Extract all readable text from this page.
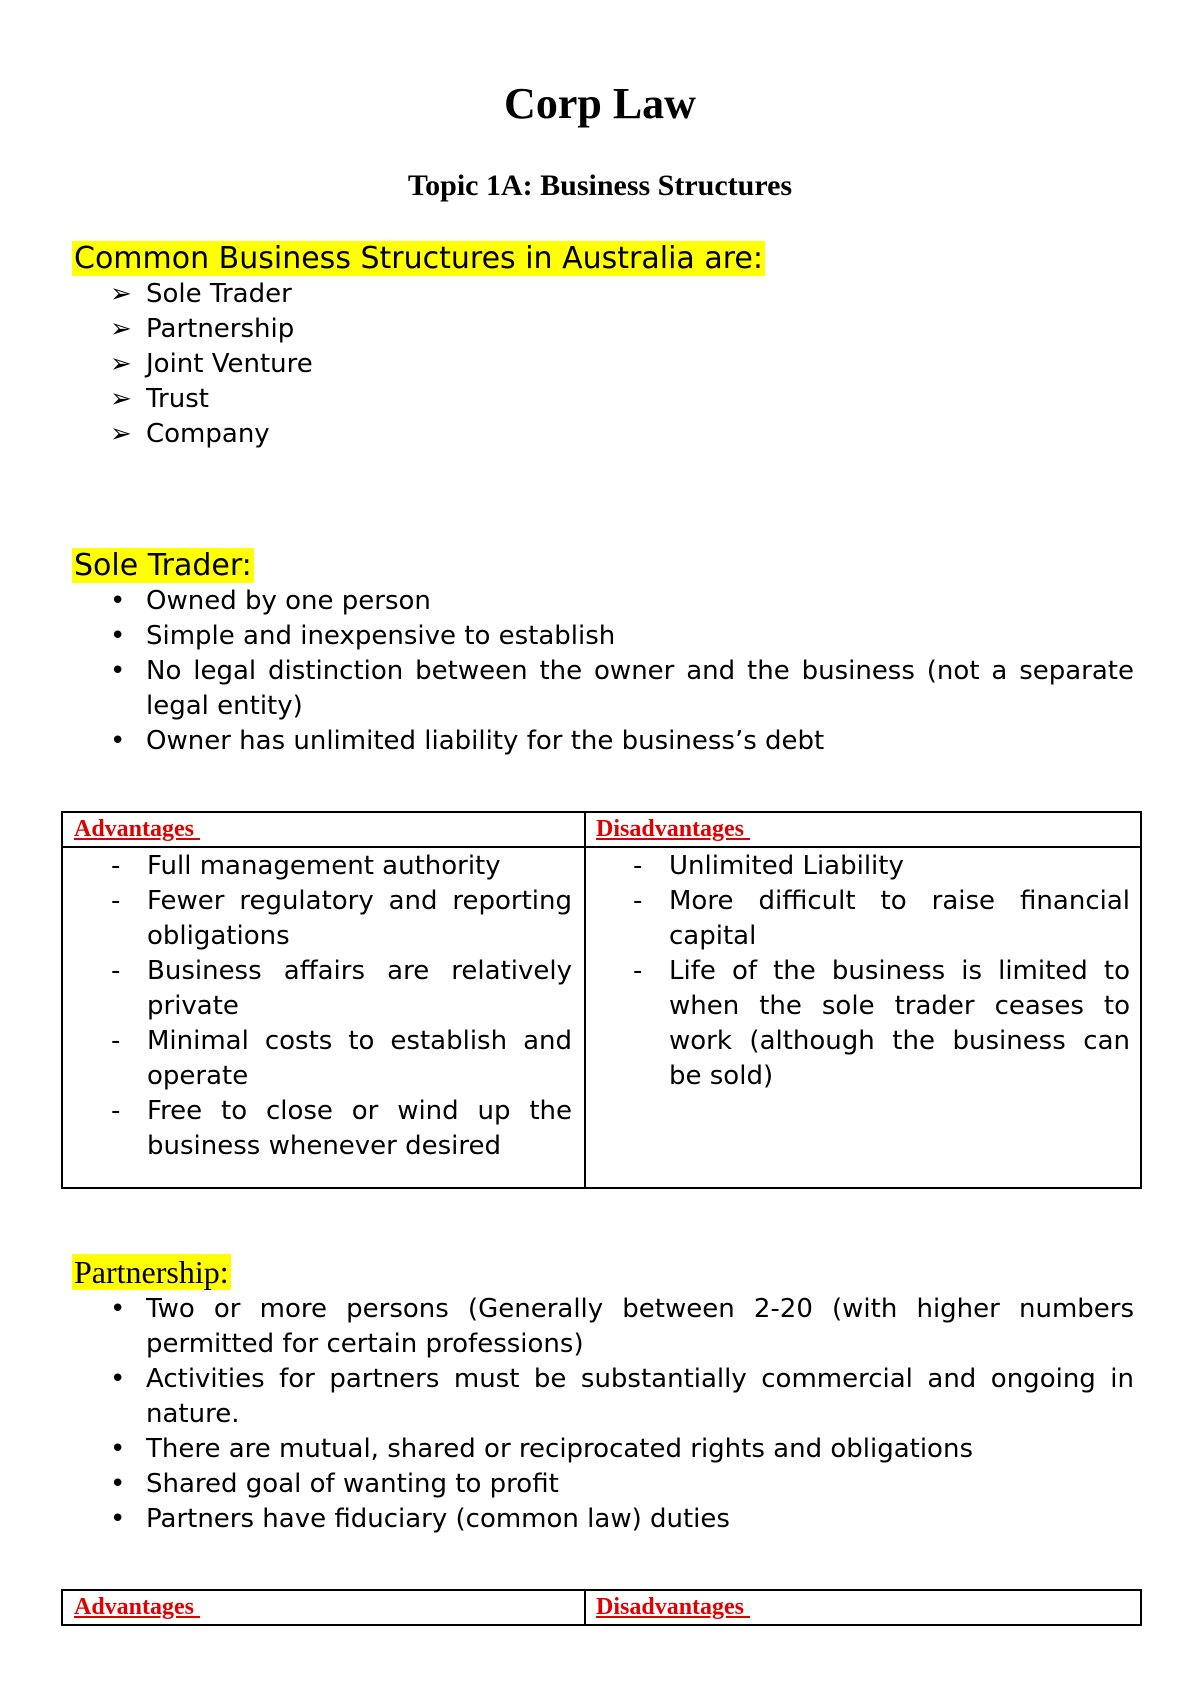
Corp Law
Topic 1A: Business Structures
Common Business Structures in Australia are:
➢ Sole Trader
➢ Partnership
➢ Joint Venture
➢ Trust
➢ Company
Sole Trader:
• Owned by one person
• Simple and inexpensive to establish
• No legal distinction between the owner and the business (not a separate legal entity)
• Owner has unlimited liability for the business’s debt
Advantages	Disadvantages
- Full management authority
- Fewer regulatory and reporting obligations
- Business affairs are relatively private
- Minimal costs to establish and operate
- Free to close or wind up the business whenever desired
- Unlimited Liability
- More difficult to raise financial capital
- Life of the business is limited to when the sole trader ceases to work (although the business can be sold)
Partnership:
• Two or more persons (Generally between 2-20 (with higher numbers permitted for certain professions)
• Activities for partners must be substantially commercial and ongoing in nature.
• There are mutual, shared or reciprocated rights and obligations
• Shared goal of wanting to profit
• Partners have fiduciary (common law) duties
Advantages	Disadvantages
